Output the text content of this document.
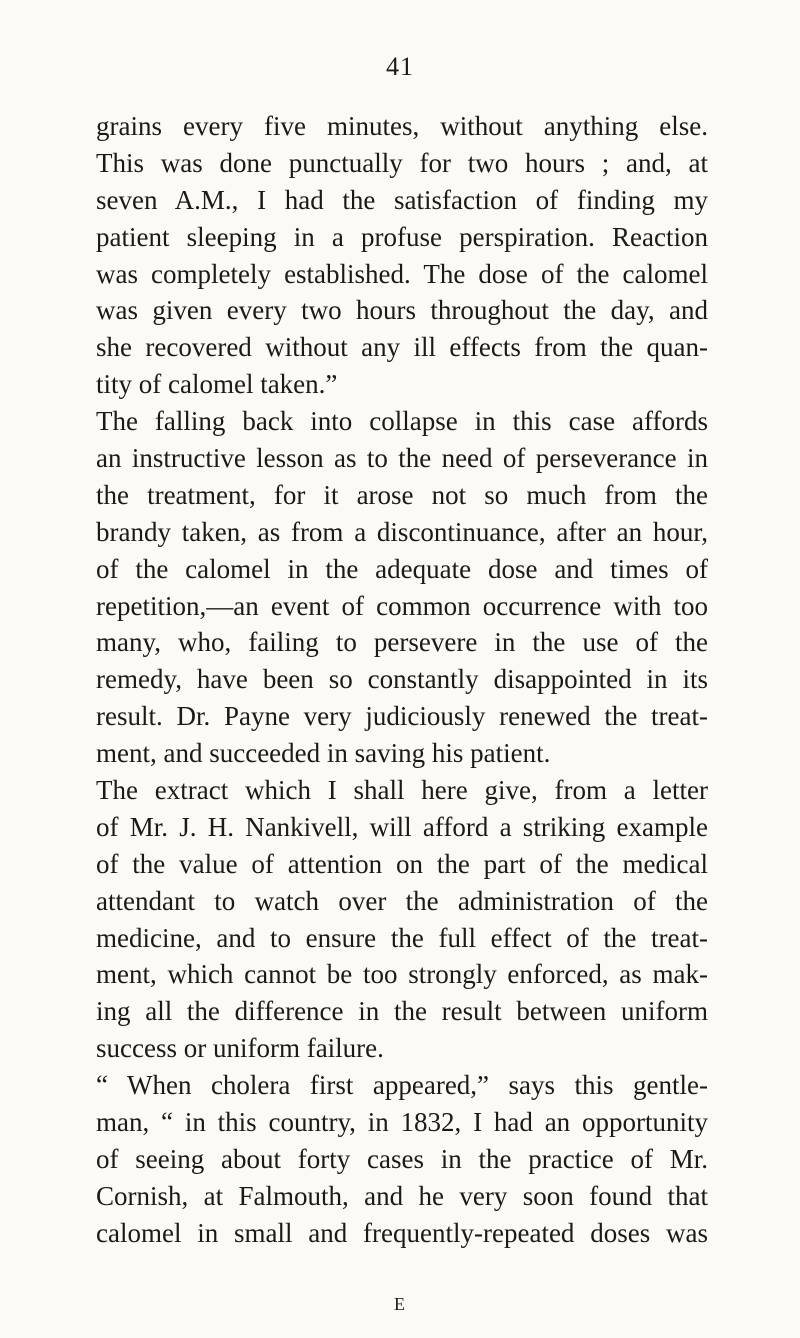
41
grains every five minutes, without anything else.
This was done punctually for two hours ; and, at
seven A.M., I had the satisfaction of finding my
patient sleeping in a profuse perspiration. Reaction
was completely established. The dose of the calomel
was given every two hours throughout the day, and
she recovered without any ill effects from the quan-
tity of calomel taken.”
The falling back into collapse in this case affords
an instructive lesson as to the need of perseverance in
the treatment, for it arose not so much from the
brandy taken, as from a discontinuance, after an hour,
of the calomel in the adequate dose and times of
repetition,—an event of common occurrence with too
many, who, failing to persevere in the use of the
remedy, have been so constantly disappointed in its
result. Dr. Payne very judiciously renewed the treat-
ment, and succeeded in saving his patient.
The extract which I shall here give, from a letter
of Mr. J. H. Nankivell, will afford a striking example
of the value of attention on the part of the medical
attendant to watch over the administration of the
medicine, and to ensure the full effect of the treat-
ment, which cannot be too strongly enforced, as mak-
ing all the difference in the result between uniform
success or uniform failure.
“ When cholera first appeared,” says this gentle-
man, “ in this country, in 1832, I had an opportunity
of seeing about forty cases in the practice of Mr.
Cornish, at Falmouth, and he very soon found that
calomel in small and frequently-repeated doses was
E
